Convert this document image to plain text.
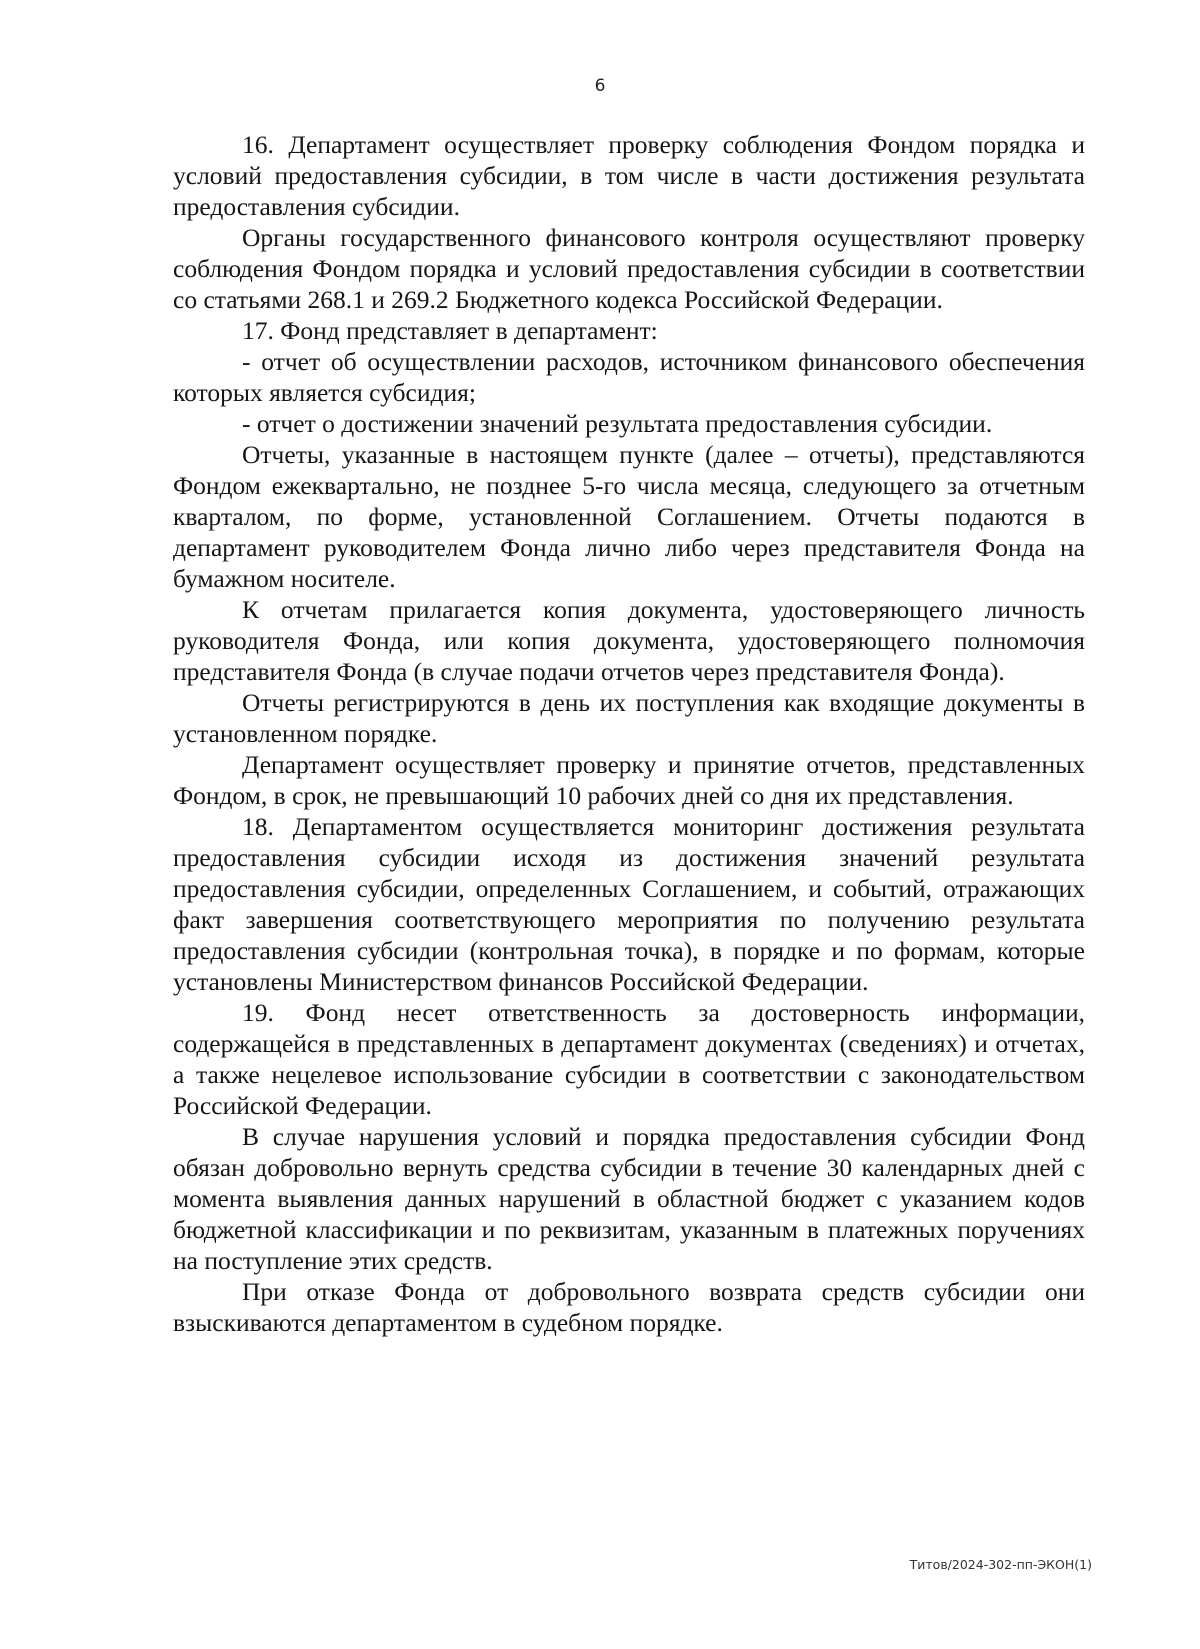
6

16. Департамент осуществляет проверку соблюдения Фондом порядка и условий предоставления субсидии, в том числе в части достижения результата предоставления субсидии.

Органы государственного финансового контроля осуществляют проверку соблюдения Фондом порядка и условий предоставления субсидии в соответствии со статьями 268.1 и 269.2 Бюджетного кодекса Российской Федерации.

17. Фонд представляет в департамент:

- отчет об осуществлении расходов, источником финансового обеспечения которых является субсидия;

- отчет о достижении значений результата предоставления субсидии.

Отчеты, указанные в настоящем пункте (далее – отчеты), представляются Фондом ежеквартально, не позднее 5-го числа месяца, следующего за отчетным кварталом, по форме, установленной Соглашением. Отчеты подаются в департамент руководителем Фонда лично либо через представителя Фонда на бумажном носителе.

К отчетам прилагается копия документа, удостоверяющего личность руководителя Фонда, или копия документа, удостоверяющего полномочия представителя Фонда (в случае подачи отчетов через представителя Фонда).

Отчеты регистрируются в день их поступления как входящие документы в установленном порядке.

Департамент осуществляет проверку и принятие отчетов, представленных Фондом, в срок, не превышающий 10 рабочих дней со дня их представления.

18. Департаментом осуществляется мониторинг достижения результата предоставления субсидии исходя из достижения значений результата предоставления субсидии, определенных Соглашением, и событий, отражающих факт завершения соответствующего мероприятия по получению результата предоставления субсидии (контрольная точка), в порядке и по формам, которые установлены Министерством финансов Российской Федерации.

19. Фонд несет ответственность за достоверность информации, содержащейся в представленных в департамент документах (сведениях) и отчетах, а также нецелевое использование субсидии в соответствии с законодательством Российской Федерации.

В случае нарушения условий и порядка предоставления субсидии Фонд обязан добровольно вернуть средства субсидии в течение 30 календарных дней с момента выявления данных нарушений в областной бюджет с указанием кодов бюджетной классификации и по реквизитам, указанным в платежных поручениях на поступление этих средств.

При отказе Фонда от добровольного возврата средств субсидии они взыскиваются департаментом в судебном порядке.

Титов/2024-302-пп-ЭКОН(1)
